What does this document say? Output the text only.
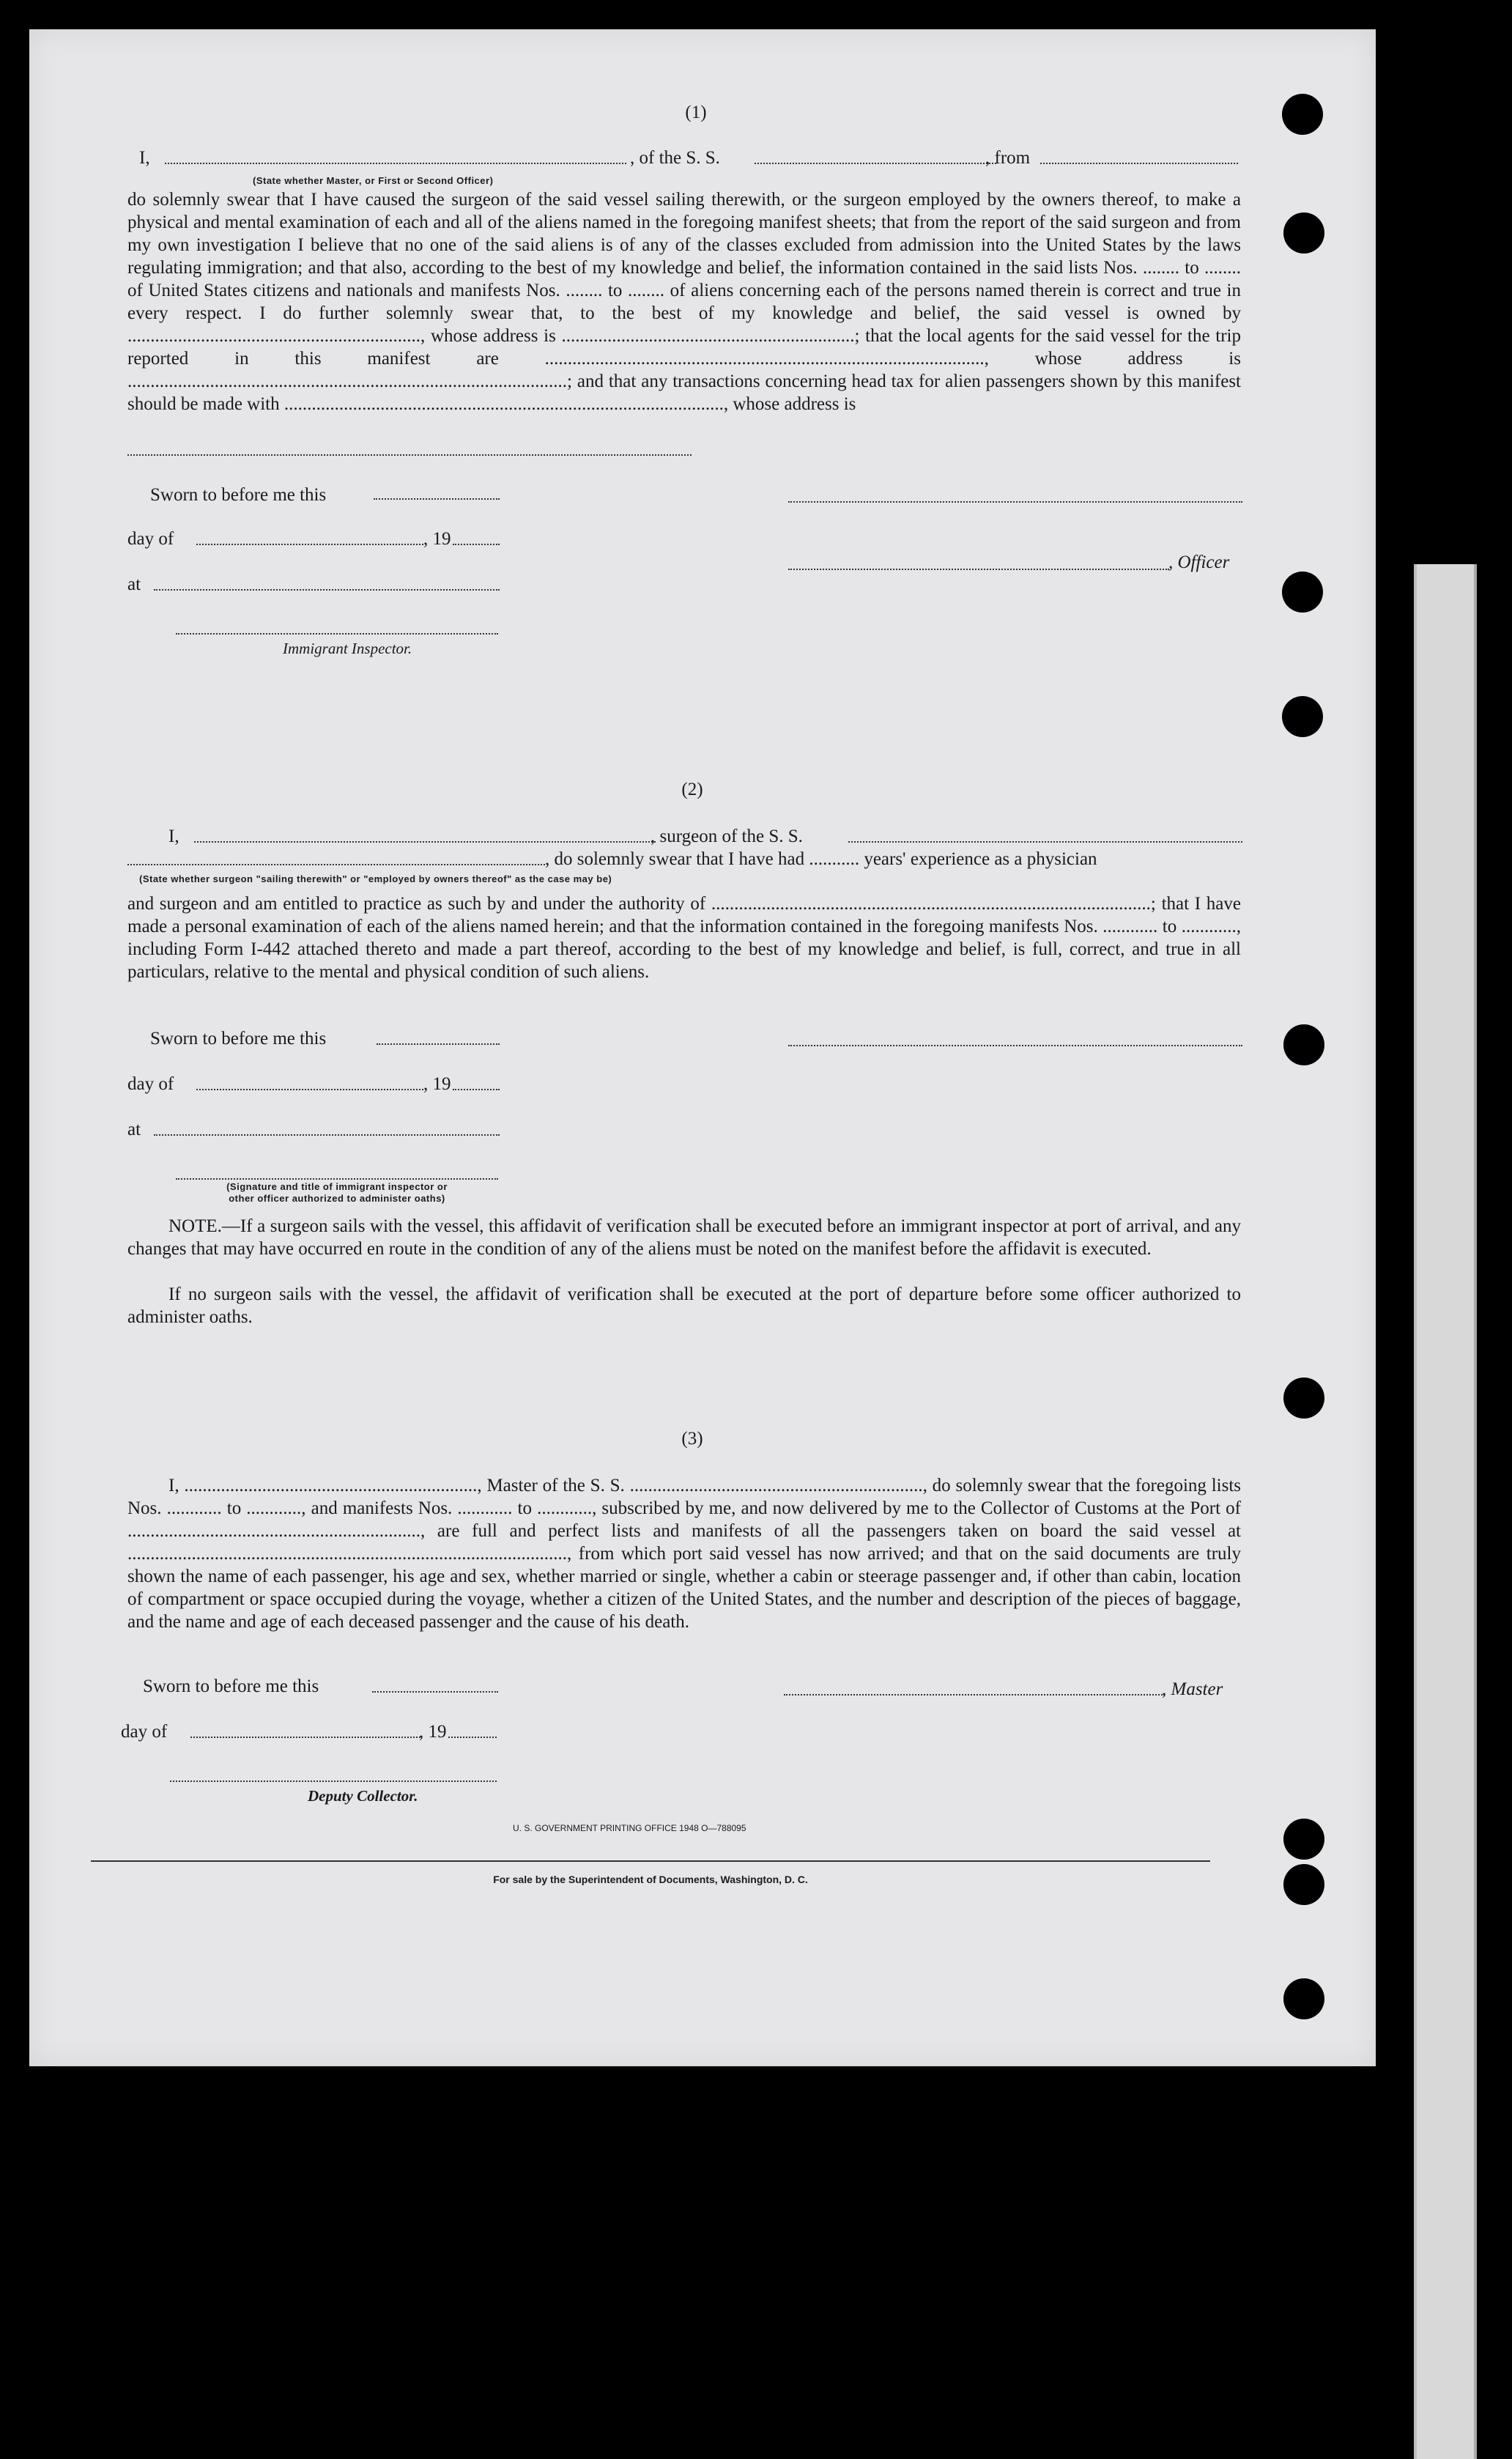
(1)
I,	, of the S. S.	, from
(State whether Master, or First or Second Officer)
do solemnly swear that I have caused the surgeon of the said vessel sailing therewith, or the surgeon employed by the owners thereof, to make a physical and mental examination of each and all of the aliens named in the foregoing manifest sheets; that from the report of the said surgeon and from my own investigation I believe that no one of the said aliens is of any of the classes excluded from admission into the United States by the laws regulating immigration; and that also, according to the best of my knowledge and belief, the information contained in the said lists Nos. ........ to ........ of United States citizens and nationals and manifests Nos. ........ to ........ of aliens concerning each of the persons named therein is correct and true in every respect. I do further solemnly swear that, to the best of my knowledge and belief, the said vessel is owned by ................................................................, whose address is ................................................................; that the local agents for the said vessel for the trip reported in this manifest are ................................................................................................, whose address is ................................................................................................; and that any transactions concerning head tax for alien passengers shown by this manifest should be made with ................................................................................................, whose address is
Sworn to before me this
day of	, 19
, Officer
at
Immigrant Inspector.
(2)
I,	, surgeon of the S. S.
, do solemnly swear that I have had ........... years' experience as a physician
(State whether surgeon "sailing therewith" or "employed by owners thereof" as the case may be)
and surgeon and am entitled to practice as such by and under the authority of ................................................................................................; that I have made a personal examination of each of the aliens named herein; and that the information contained in the foregoing manifests Nos. ............ to ............, including Form I-442 attached thereto and made a part thereof, according to the best of my knowledge and belief, is full, correct, and true in all particulars, relative to the mental and physical condition of such aliens.
Sworn to before me this
day of	, 19
at
(Signature and title of immigrant inspector or
other officer authorized to administer oaths)
NOTE.—If a surgeon sails with the vessel, this affidavit of verification shall be executed before an immigrant inspector at port of arrival, and any changes that may have occurred en route in the condition of any of the aliens must be noted on the manifest before the affidavit is executed.
If no surgeon sails with the vessel, the affidavit of verification shall be executed at the port of departure before some officer authorized to administer oaths.
(3)
I, ................................................................, Master of the S. S. ................................................................, do solemnly swear that the foregoing lists Nos. ............ to ............, and manifests Nos. ............ to ............, subscribed by me, and now delivered by me to the Collector of Customs at the Port of ................................................................, are full and perfect lists and manifests of all the passengers taken on board the said vessel at ................................................................................................, from which port said vessel has now arrived; and that on the said documents are truly shown the name of each passenger, his age and sex, whether married or single, whether a cabin or steerage passenger and, if other than cabin, location of compartment or space occupied during the voyage, whether a citizen of the United States, and the number and description of the pieces of baggage, and the name and age of each deceased passenger and the cause of his death.
Sworn to before me this	, Master
day of	, 19
Deputy Collector.
U. S. GOVERNMENT PRINTING OFFICE 1948 O—788095
For sale by the Superintendent of Documents, Washington, D. C.
